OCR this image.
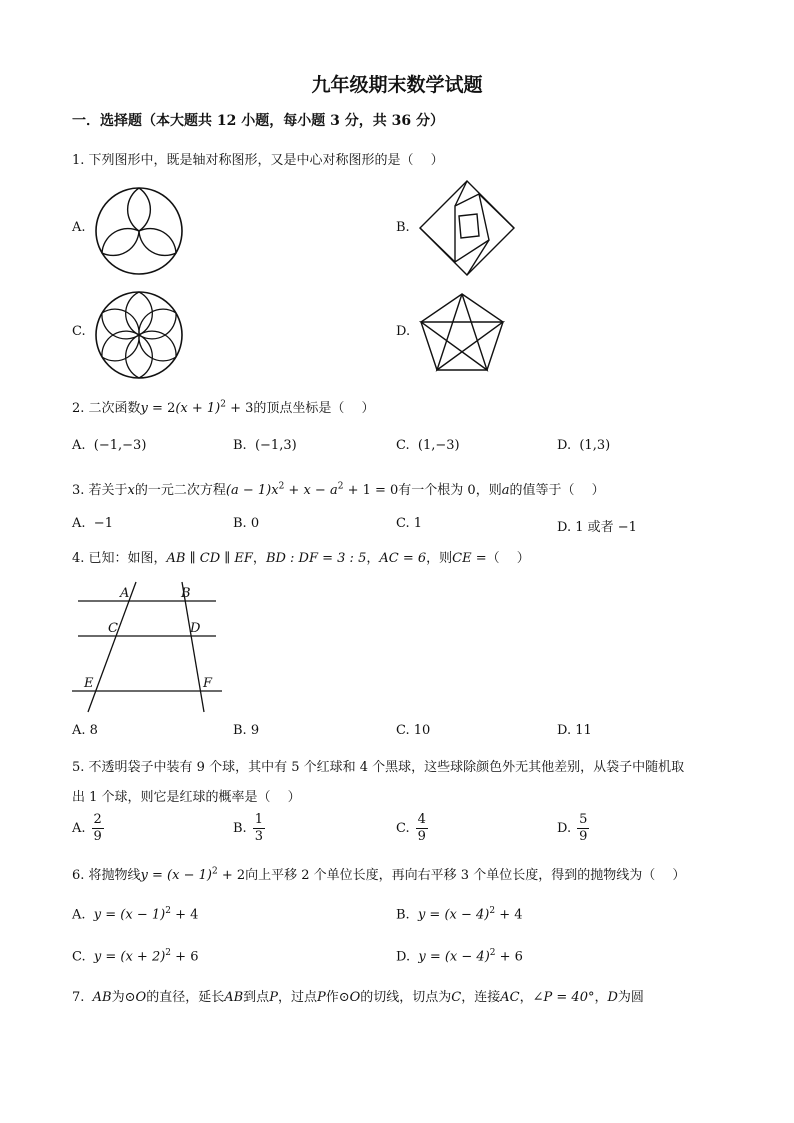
九年级期末数学试题
一．选择题（本大题共 12 小题，每小题 3 分，共 36 分）
1. 下列图形中，既是轴对称图形，又是中心对称图形的是（　 ）
A.	B.
C.	D.
2. 二次函数$y = 2(x + 1)^2 + 3$的顶点坐标是（　 ）
A. (−1,−3)	B. (−1,3)	C. (1,−3)	D. (1,3)
3. 若关于x的一元二次方程$(a - 1)x^2 + x - a^2 + 1 = 0$有一个根为 0，则a的值等于（　 ）
A. −1	B. 0	C. 1	D. 1 或者 −1
4. 已知：如图，AB ∥ CD ∥ EF，BD : DF = 3 : 5，AC = 6，则CE =（　 ）
A	B
C	D
E	F
A. 8	B. 9	C. 10	D. 11
5. 不透明袋子中装有 9 个球，其中有 5 个红球和 4 个黑球，这些球除颜色外无其他差别，从袋子中随机取
出 1 个球，则它是红球的概率是（　 ）
A. $\frac{2}{9}$	B. $\frac{1}{3}$	C. $\frac{4}{9}$	D. $\frac{5}{9}$
6. 将抛物线$y = (x - 1)^2 + 2$向上平移 2 个单位长度，再向右平移 3 个单位长度，得到的抛物线为（　 ）
A. $y = (x - 1)^2 + 4$	B. $y = (x - 4)^2 + 4$
C. $y = (x + 2)^2 + 6$	D. $y = (x - 4)^2 + 6$
7. AB为⊙O的直径，延长AB到点P，过点P作⊙O的切线，切点为C，连接AC，∠P = 40°，D为圆
